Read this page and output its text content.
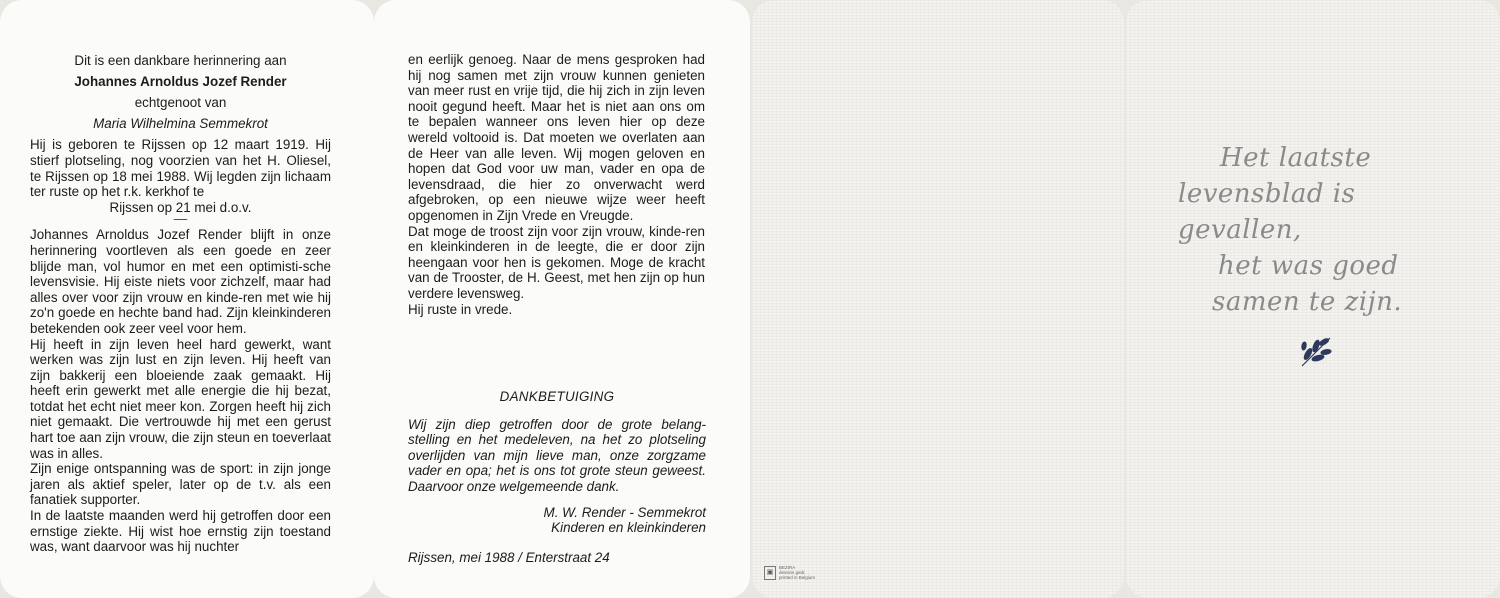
Dit is een dankbare herinnering aan

Johannes Arnoldus Jozef Render

echtgenoot van

Maria Wilhelmina Semmekrot

Hij is geboren te Rijssen op 12 maart 1919. Hij stierf plotseling, nog voorzien van het H. Oliesel, te Rijssen op 18 mei 1988. Wij legden zijn lichaam ter ruste op het r.k. kerkhof te

Rijssen op 21 mei d.o.v.

—

Johannes Arnoldus Jozef Render blijft in onze herinnering voortleven als een goede en zeer blijde man, vol humor en met een optimisti-sche levensvisie. Hij eiste niets voor zichzelf, maar had alles over voor zijn vrouw en kinde-ren met wie hij zo'n goede en hechte band had. Zijn kleinkinderen betekenden ook zeer veel voor hem.

Hij heeft in zijn leven heel hard gewerkt, want werken was zijn lust en zijn leven. Hij heeft van zijn bakkerij een bloeiende zaak gemaakt. Hij heeft erin gewerkt met alle energie die hij bezat, totdat het echt niet meer kon. Zorgen heeft hij zich niet gemaakt. Die vertrouwde hij met een gerust hart toe aan zijn vrouw, die zijn steun en toeverlaat was in alles.

Zijn enige ontspanning was de sport: in zijn jonge jaren als aktief speler, later op de t.v. als een fanatiek supporter.

In de laatste maanden werd hij getroffen door een ernstige ziekte. Hij wist hoe ernstig zijn toestand was, want daarvoor was hij nuchter

en eerlijk genoeg. Naar de mens gesproken had hij nog samen met zijn vrouw kunnen genieten van meer rust en vrije tijd, die hij zich in zijn leven nooit gegund heeft. Maar het is niet aan ons om te bepalen wanneer ons leven hier op deze wereld voltooid is. Dat moeten we overlaten aan de Heer van alle leven. Wij mogen geloven en hopen dat God voor uw man, vader en opa de levensdraad, die hier zo onverwacht werd afgebroken, op een nieuwe wijze weer heeft opgenomen in Zijn Vrede en Vreugde.

Dat moge de troost zijn voor zijn vrouw, kinde-ren en kleinkinderen in de leegte, die er door zijn heengaan voor hen is gekomen. Moge de kracht van de Trooster, de H. Geest, met hen zijn op hun verdere levensweg.

Hij ruste in vrede.

DANKBETUIGING

Wij zijn diep getroffen door de grote belang-stelling en het medeleven, na het zo plotseling overlijden van mijn lieve man, onze zorgzame vader en opa; het is ons tot grote steun geweest. Daarvoor onze welgemeende dank.

M. W. Render - Semmekrot

Kinderen en kleinkinderen

Rijssen, mei 1988 / Enterstraat 24

▣
BEZIRA
dessins gedr.
printed in Belgium
Het laatste
levensblad is gevallen,
het was goed
samen te zijn.
